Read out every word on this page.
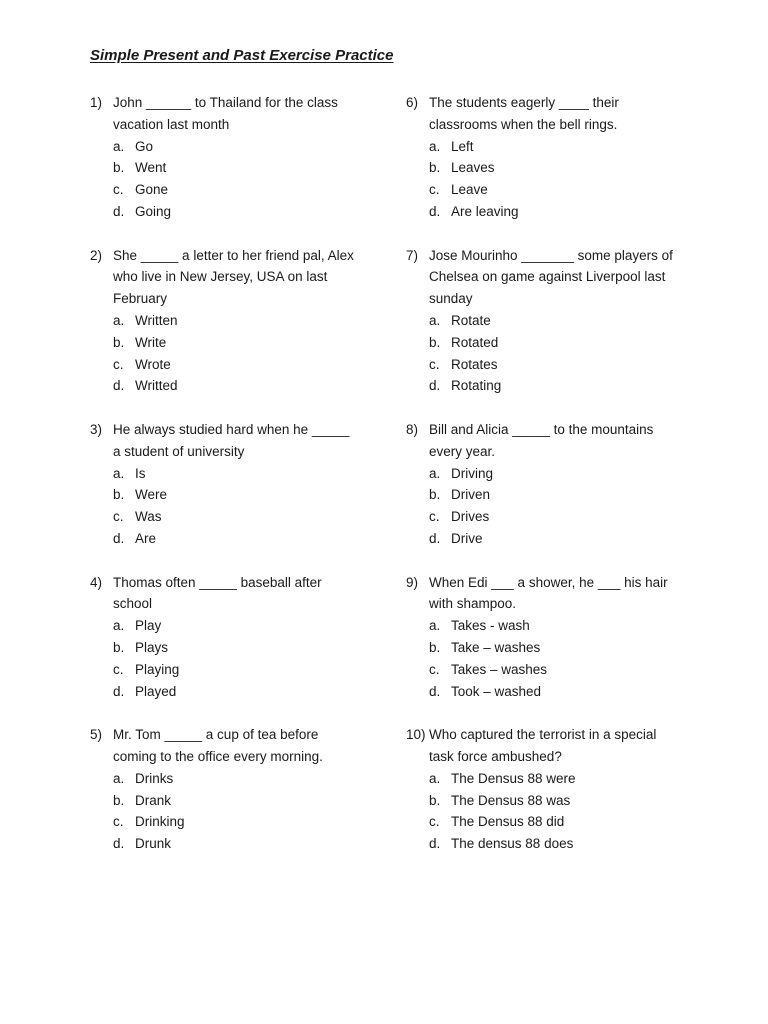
Simple Present and Past Exercise Practice
1) John ______ to Thailand for the class
vacation last month
a. Go
b. Went
c. Gone
d. Going
2) She _____ a letter to her friend pal, Alex
who live in New Jersey, USA on last
February
a. Written
b. Write
c. Wrote
d. Writted
3) He always studied hard when he _____
a student of university
a. Is
b. Were
c. Was
d. Are
4) Thomas often _____ baseball after
school
a. Play
b. Plays
c. Playing
d. Played
5) Mr. Tom _____ a cup of tea before
coming to the office every morning.
a. Drinks
b. Drank
c. Drinking
d. Drunk
6) The students eagerly ____ their
classrooms when the bell rings.
a. Left
b. Leaves
c. Leave
d. Are leaving
7) Jose Mourinho _______ some players of
Chelsea on game against Liverpool last
sunday
a. Rotate
b. Rotated
c. Rotates
d. Rotating
8) Bill and Alicia _____ to the mountains
every year.
a. Driving
b. Driven
c. Drives
d. Drive
9) When Edi ___ a shower, he ___ his hair
with shampoo.
a. Takes - wash
b. Take – washes
c. Takes – washes
d. Took – washed
10) Who captured the terrorist in a special
task force ambushed?
a. The Densus 88 were
b. The Densus 88 was
c. The Densus 88 did
d. The densus 88 does
